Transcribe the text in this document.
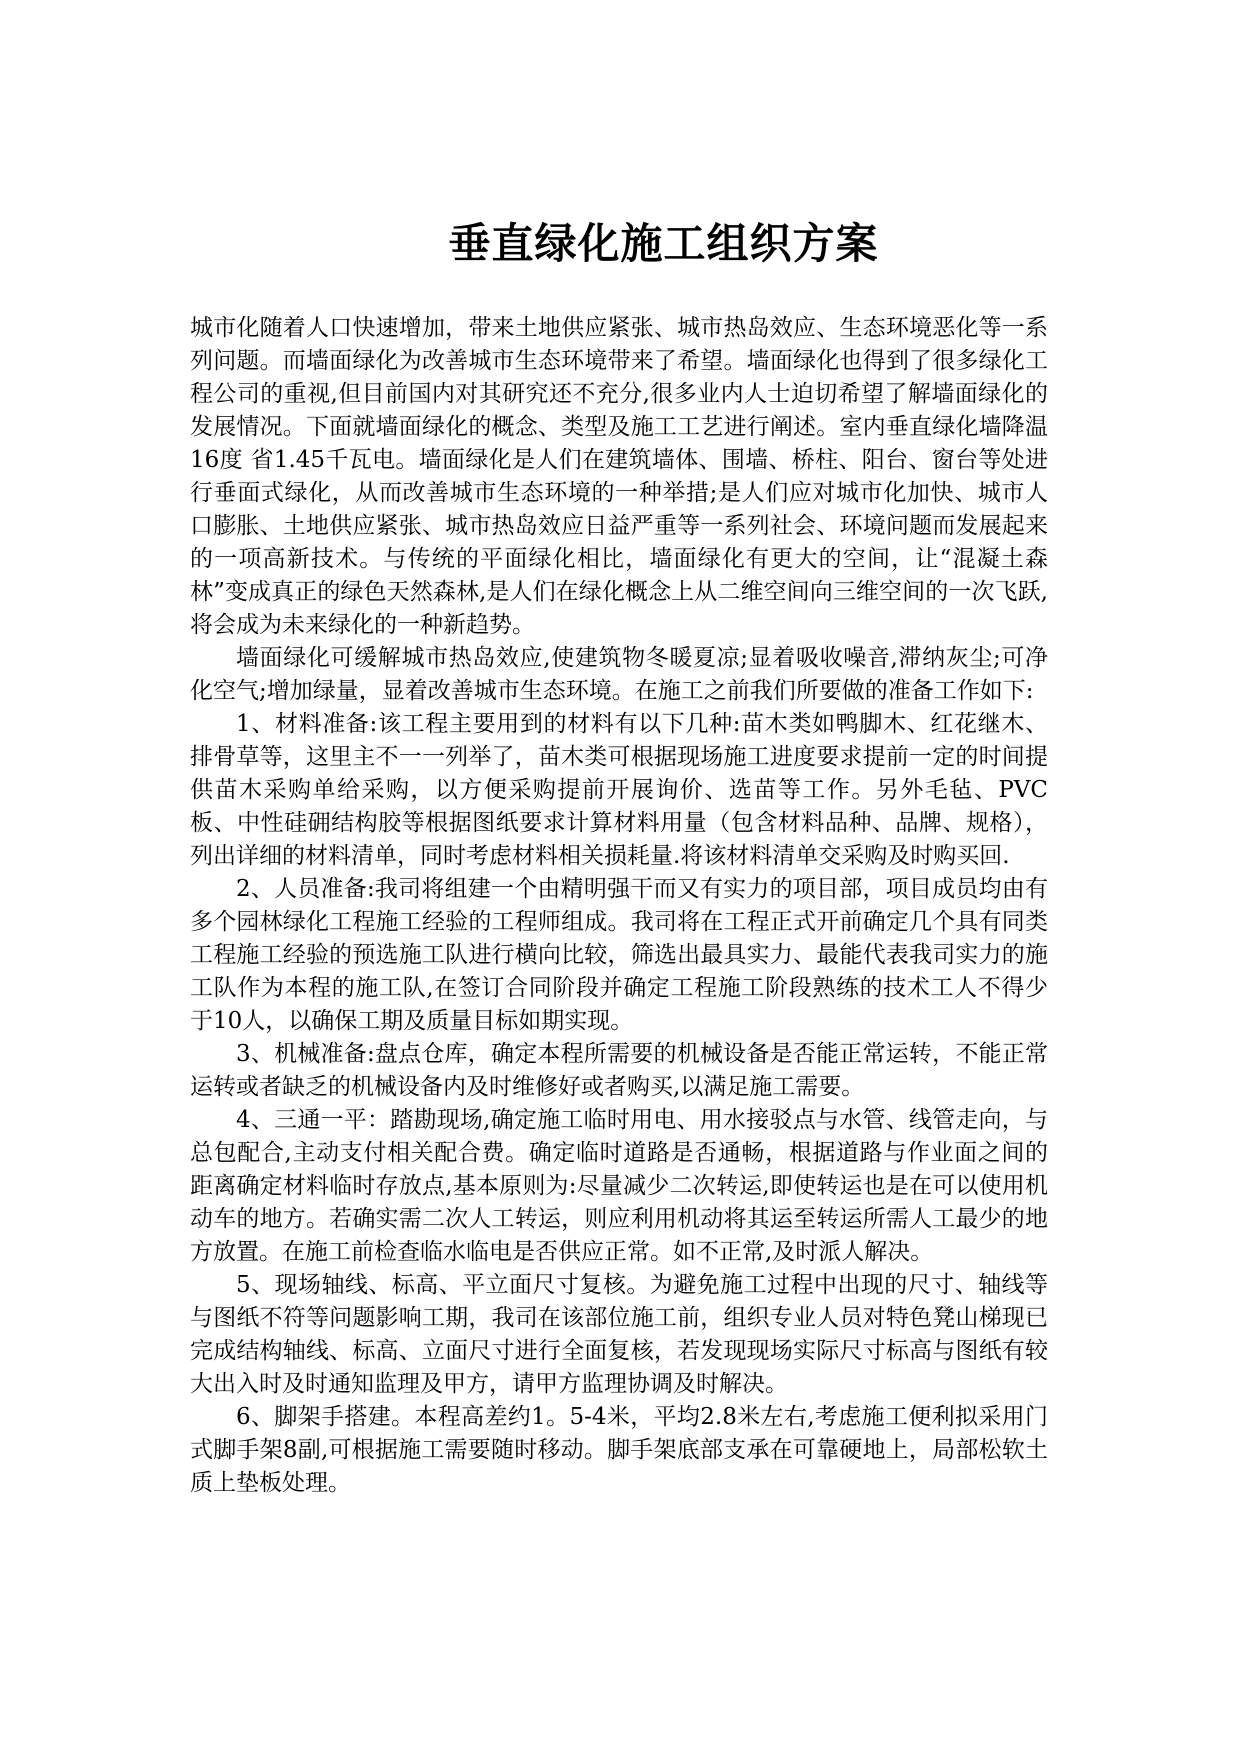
垂直绿化施工组织方案

城市化随着人口快速增加，带来土地供应紧张、城市热岛效应、生态环境恶化等一系列问题。而墙面绿化为改善城市生态环境带来了希望。墙面绿化也得到了很多绿化工程公司的重视,但目前国内对其研究还不充分,很多业内人士迫切希望了解墙面绿化的发展情况。下面就墙面绿化的概念、类型及施工工艺进行阐述。室内垂直绿化墙降温16度 省1.45千瓦电。墙面绿化是人们在建筑墙体、围墙、桥柱、阳台、窗台等处进行垂面式绿化，从而改善城市生态环境的一种举措;是人们应对城市化加快、城市人口膨胀、土地供应紧张、城市热岛效应日益严重等一系列社会、环境问题而发展起来的一项高新技术。与传统的平面绿化相比，墙面绿化有更大的空间，让“混凝土森林”变成真正的绿色天然森林,是人们在绿化概念上从二维空间向三维空间的一次飞跃,将会成为未来绿化的一种新趋势。

墙面绿化可缓解城市热岛效应,使建筑物冬暖夏凉;显着吸收噪音,滞纳灰尘;可净化空气;增加绿量，显着改善城市生态环境。在施工之前我们所要做的准备工作如下:

1、材料准备:该工程主要用到的材料有以下几种:苗木类如鸭脚木、红花继木、排骨草等，这里主不一一列举了，苗木类可根据现场施工进度要求提前一定的时间提供苗木采购单给采购，以方便采购提前开展询价、选苗等工作。另外毛毡、PVC 板、中性硅砽结构胶等根据图纸要求计算材料用量（包含材料品种、品牌、规格），列出详细的材料清单，同时考虑材料相关损耗量.将该材料清单交采购及时购买回.

2、人员准备:我司将组建一个由精明强干而又有实力的项目部，项目成员均由有多个园林绿化工程施工经验的工程师组成。我司将在工程正式开前确定几个具有同类工程施工经验的预选施工队进行横向比较，筛选出最具实力、最能代表我司实力的施工队作为本程的施工队,在签订合同阶段并确定工程施工阶段熟练的技术工人不得少于10人，以确保工期及质量目标如期实现。

3、机械准备:盘点仓库，确定本程所需要的机械设备是否能正常运转，不能正常运转或者缺乏的机械设备内及时维修好或者购买,以满足施工需要。

4、三通一平：踏勘现场,确定施工临时用电、用水接驳点与水管、线管走向，与总包配合,主动支付相关配合费。确定临时道路是否通畅，根据道路与作业面之间的距离确定材料临时存放点,基本原则为:尽量减少二次转运,即使转运也是在可以使用机动车的地方。若确实需二次人工转运，则应利用机动将其运至转运所需人工最少的地方放置。在施工前检查临水临电是否供应正常。如不正常,及时派人解决。

5、现场轴线、标高、平立面尺寸复核。为避免施工过程中出现的尺寸、轴线等与图纸不符等问题影响工期，我司在该部位施工前，组织专业人员对特色凳山梯现已完成结构轴线、标高、立面尺寸进行全面复核，若发现现场实际尺寸标高与图纸有较大出入时及时通知监理及甲方，请甲方监理协调及时解决。

6、脚架手搭建。本程高差约1。5-4米，平均2.8米左右,考虑施工便利拟采用门式脚手架8副,可根据施工需要随时移动。脚手架底部支承在可靠硬地上，局部松软土质上垫板处理。
